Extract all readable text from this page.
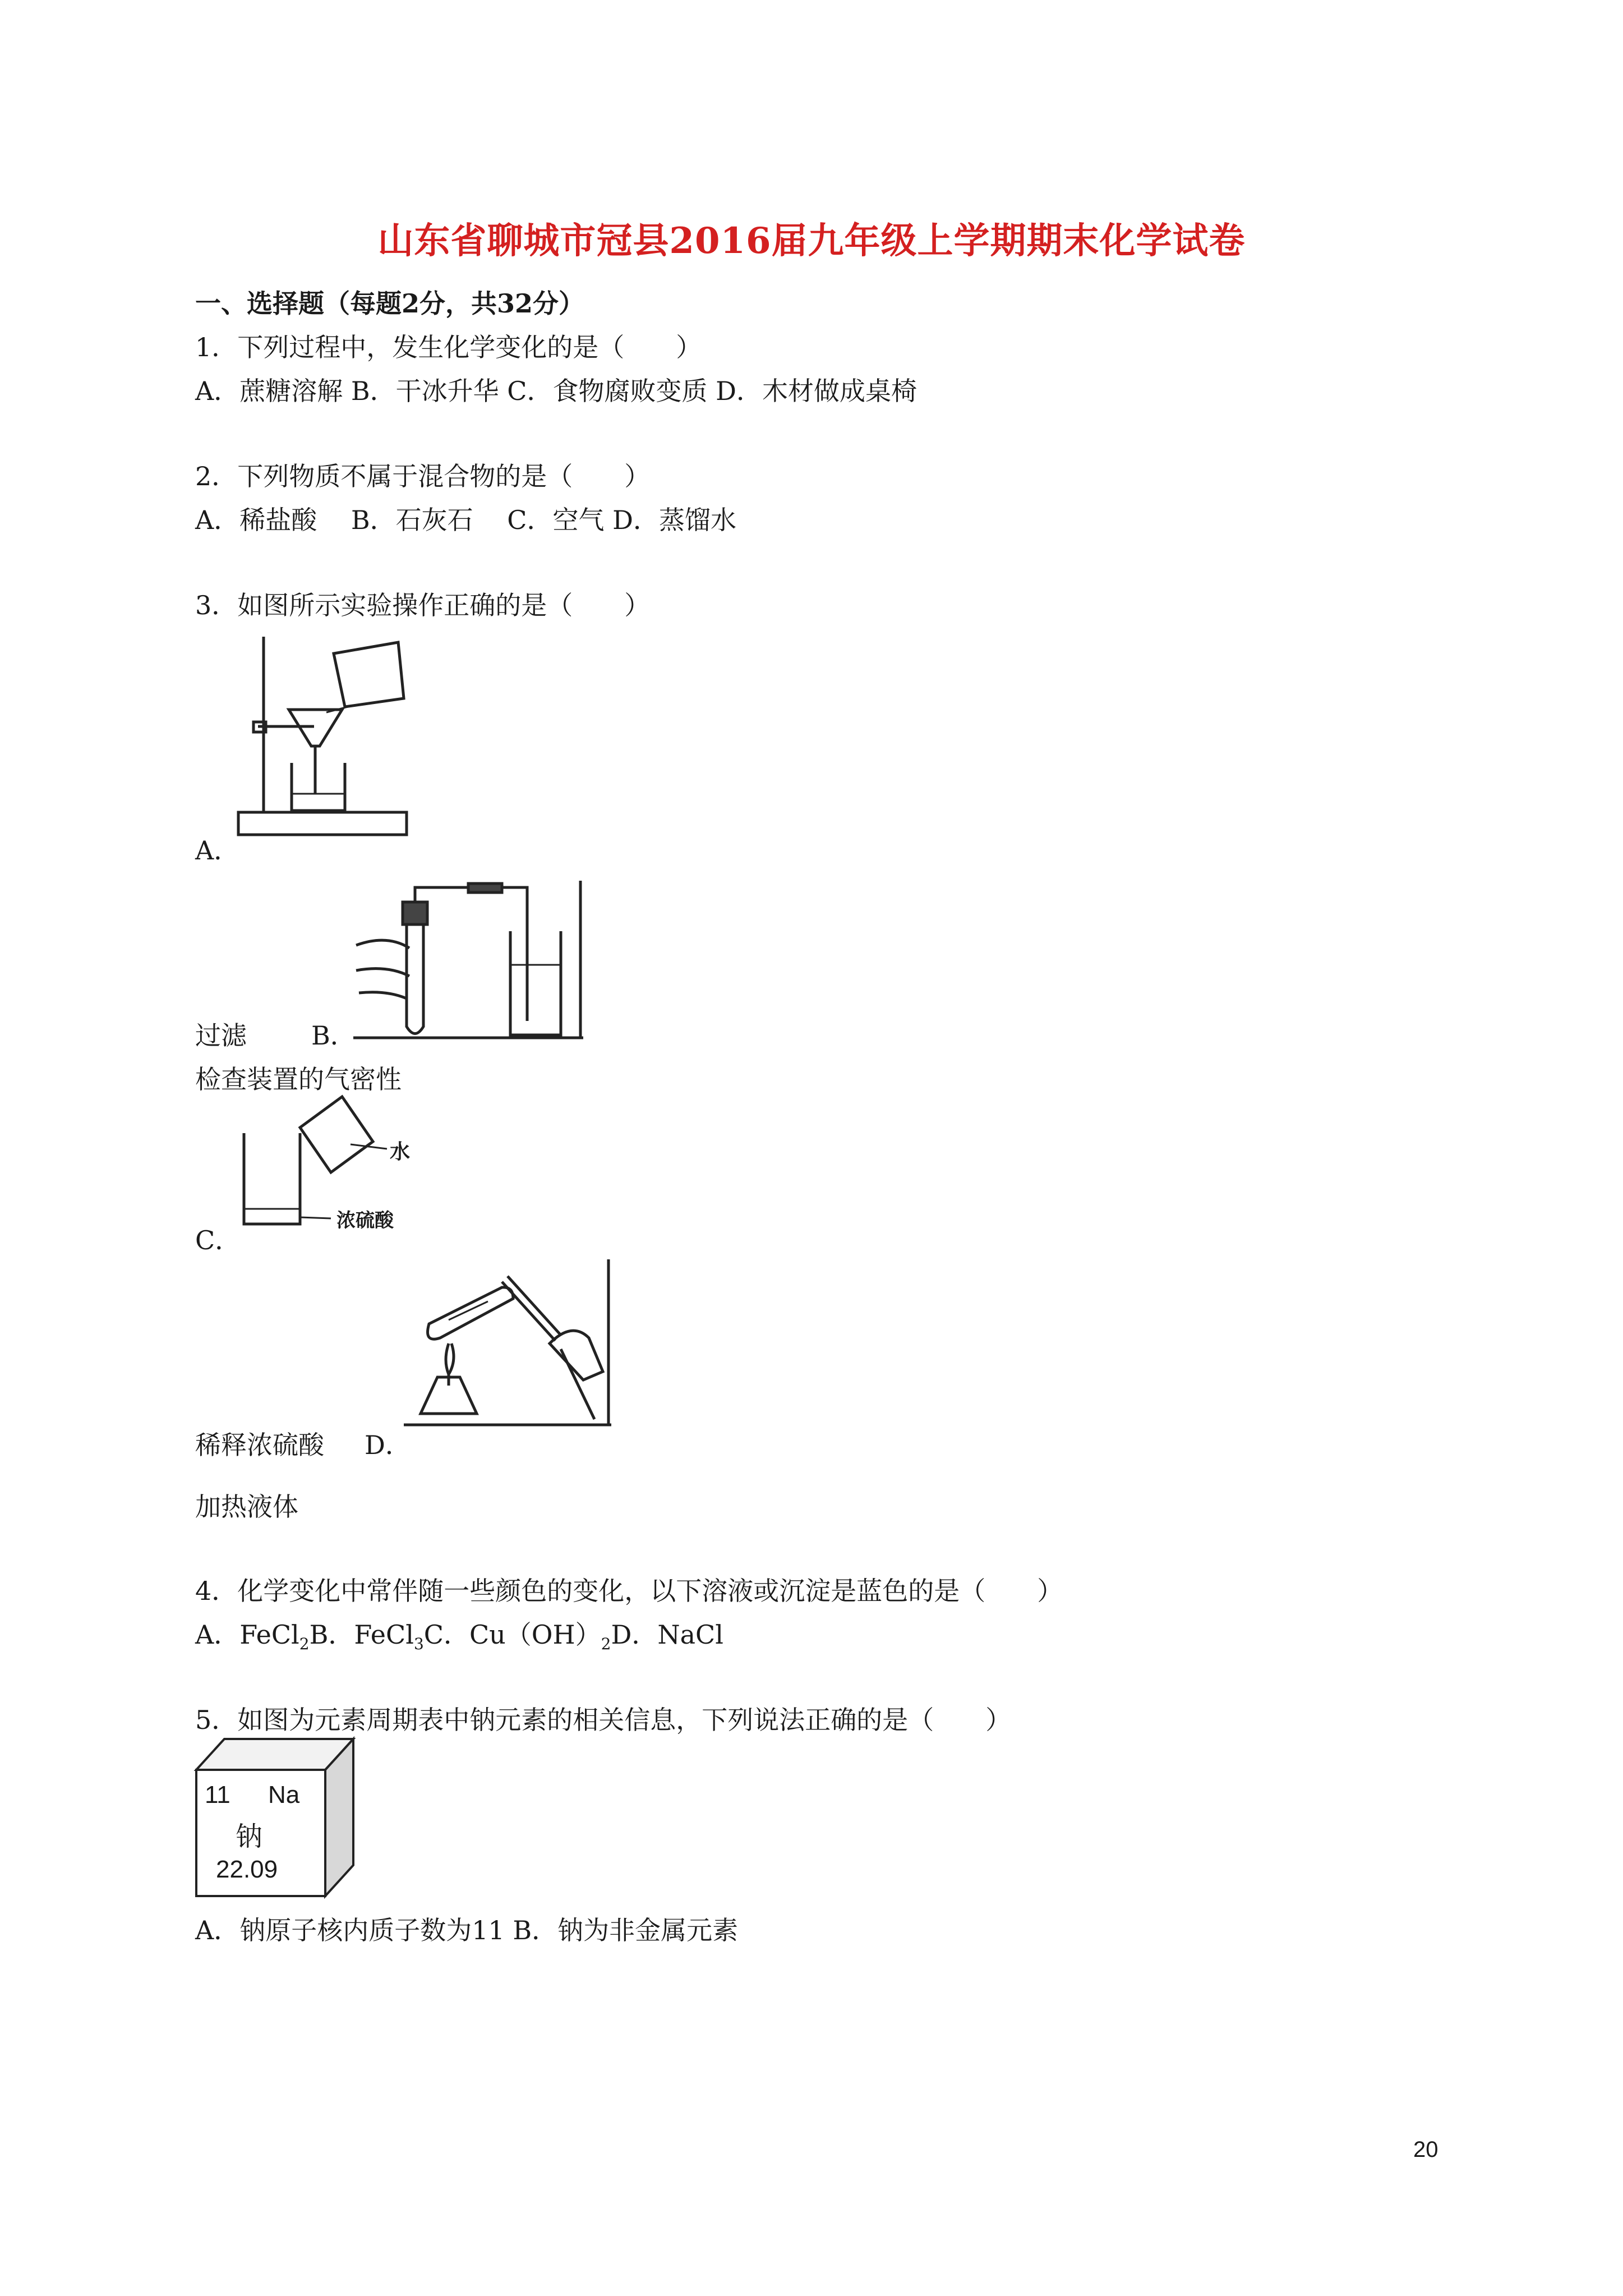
山东省聊城市冠县2016届九年级上学期期末化学试卷
一、选择题（每题2分，共32分）
1．下列过程中，发生化学变化的是（　　）
A．蔗糖溶解 B．干冰升华 C．食物腐败变质 D．木材做成桌椅
2．下列物质不属于混合物的是（　　）
A．稀盐酸　 B．石灰石　 C．空气 D．蒸馏水
3．如图所示实验操作正确的是（　　）
A．
过滤	B．
检查装置的气密性
水
浓硫酸
C．
稀释浓硫酸 D．
加热液体
4．化学变化中常伴随一些颜色的变化，以下溶液或沉淀是蓝色的是（　　）
A．FeCl$_2$B．FeCl$_3$C．$Cu(OH)_2D$．NaCl
5．如图为元素周期表中钠元素的相关信息，下列说法正确的是（　　）
11 Na
钠
22.09
A．钠原子核内质子数为11 B．钠为非金属元素
20
